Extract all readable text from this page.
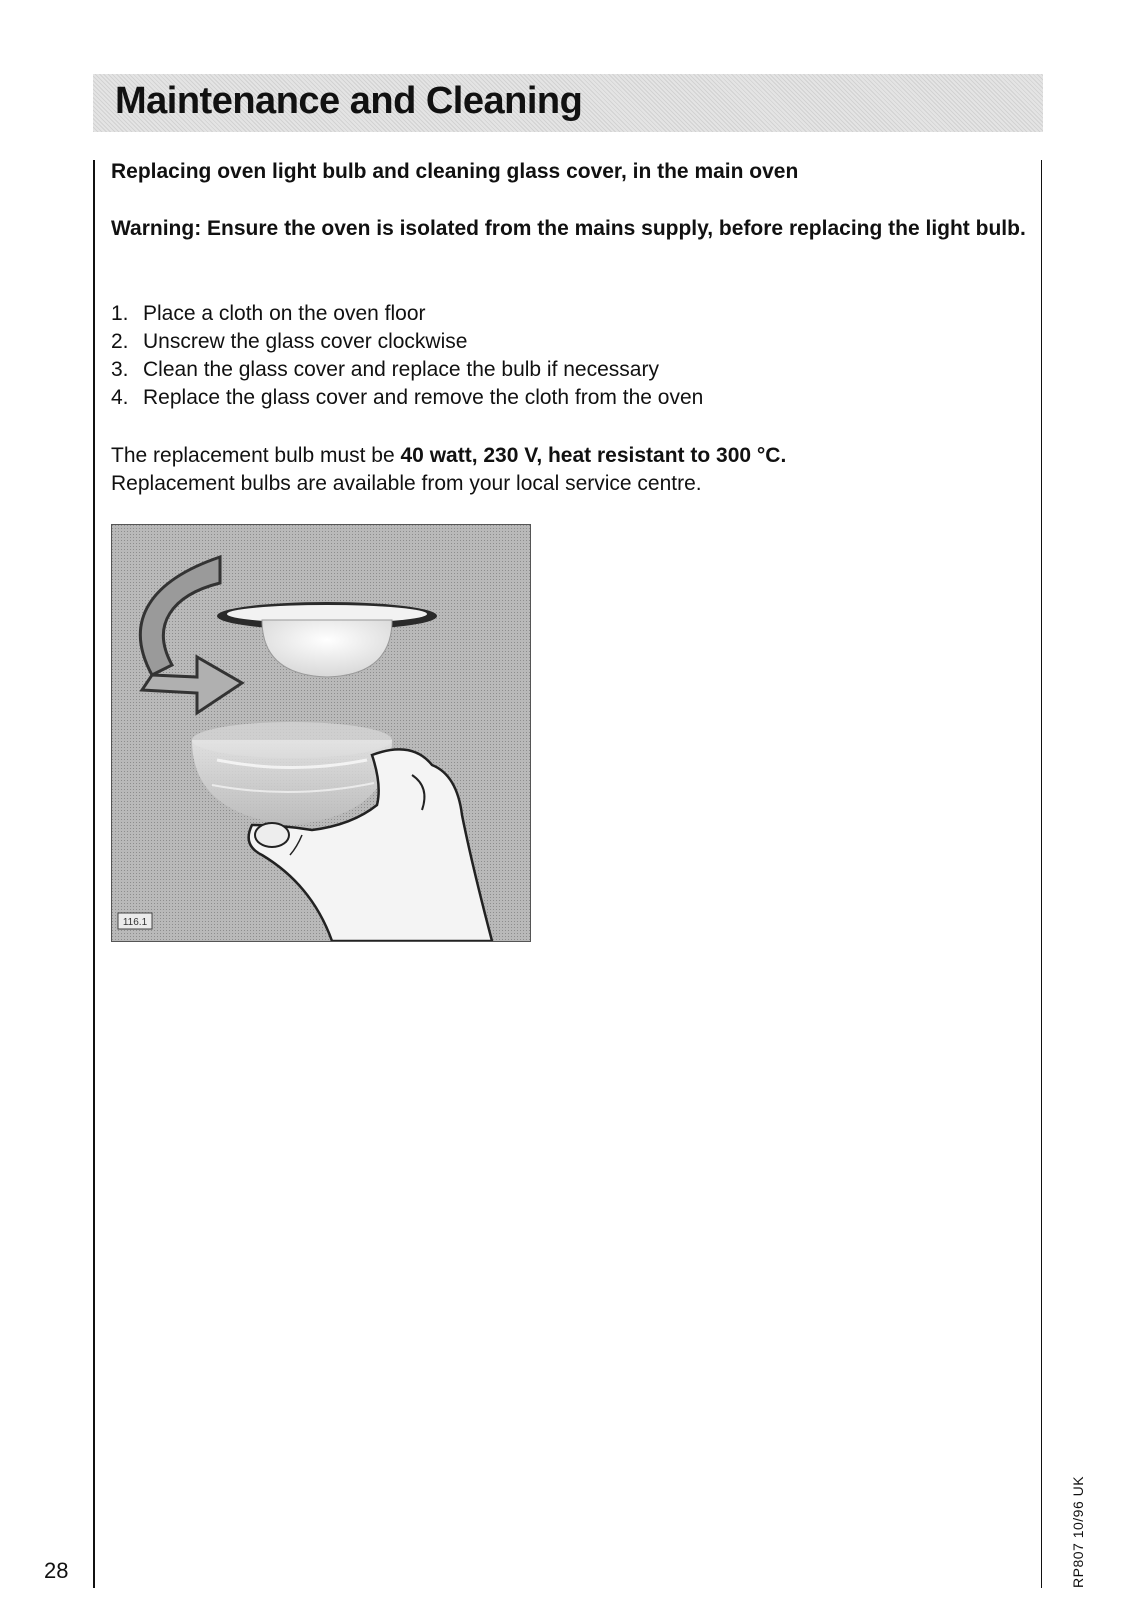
Maintenance and Cleaning

Replacing oven light bulb and cleaning glass cover, in the main oven

Warning: Ensure the oven is isolated from the mains supply, before replacing the light bulb.

1. Place a cloth on the oven floor
2. Unscrew the glass cover clockwise
3. Clean the glass cover and replace the bulb if necessary
4. Replace the glass cover and remove the cloth from the oven

The replacement bulb must be 40 watt, 230 V, heat resistant to 300 °C.
Replacement bulbs are available from your local service centre.

116.1
28	RP807 10/96 UK
